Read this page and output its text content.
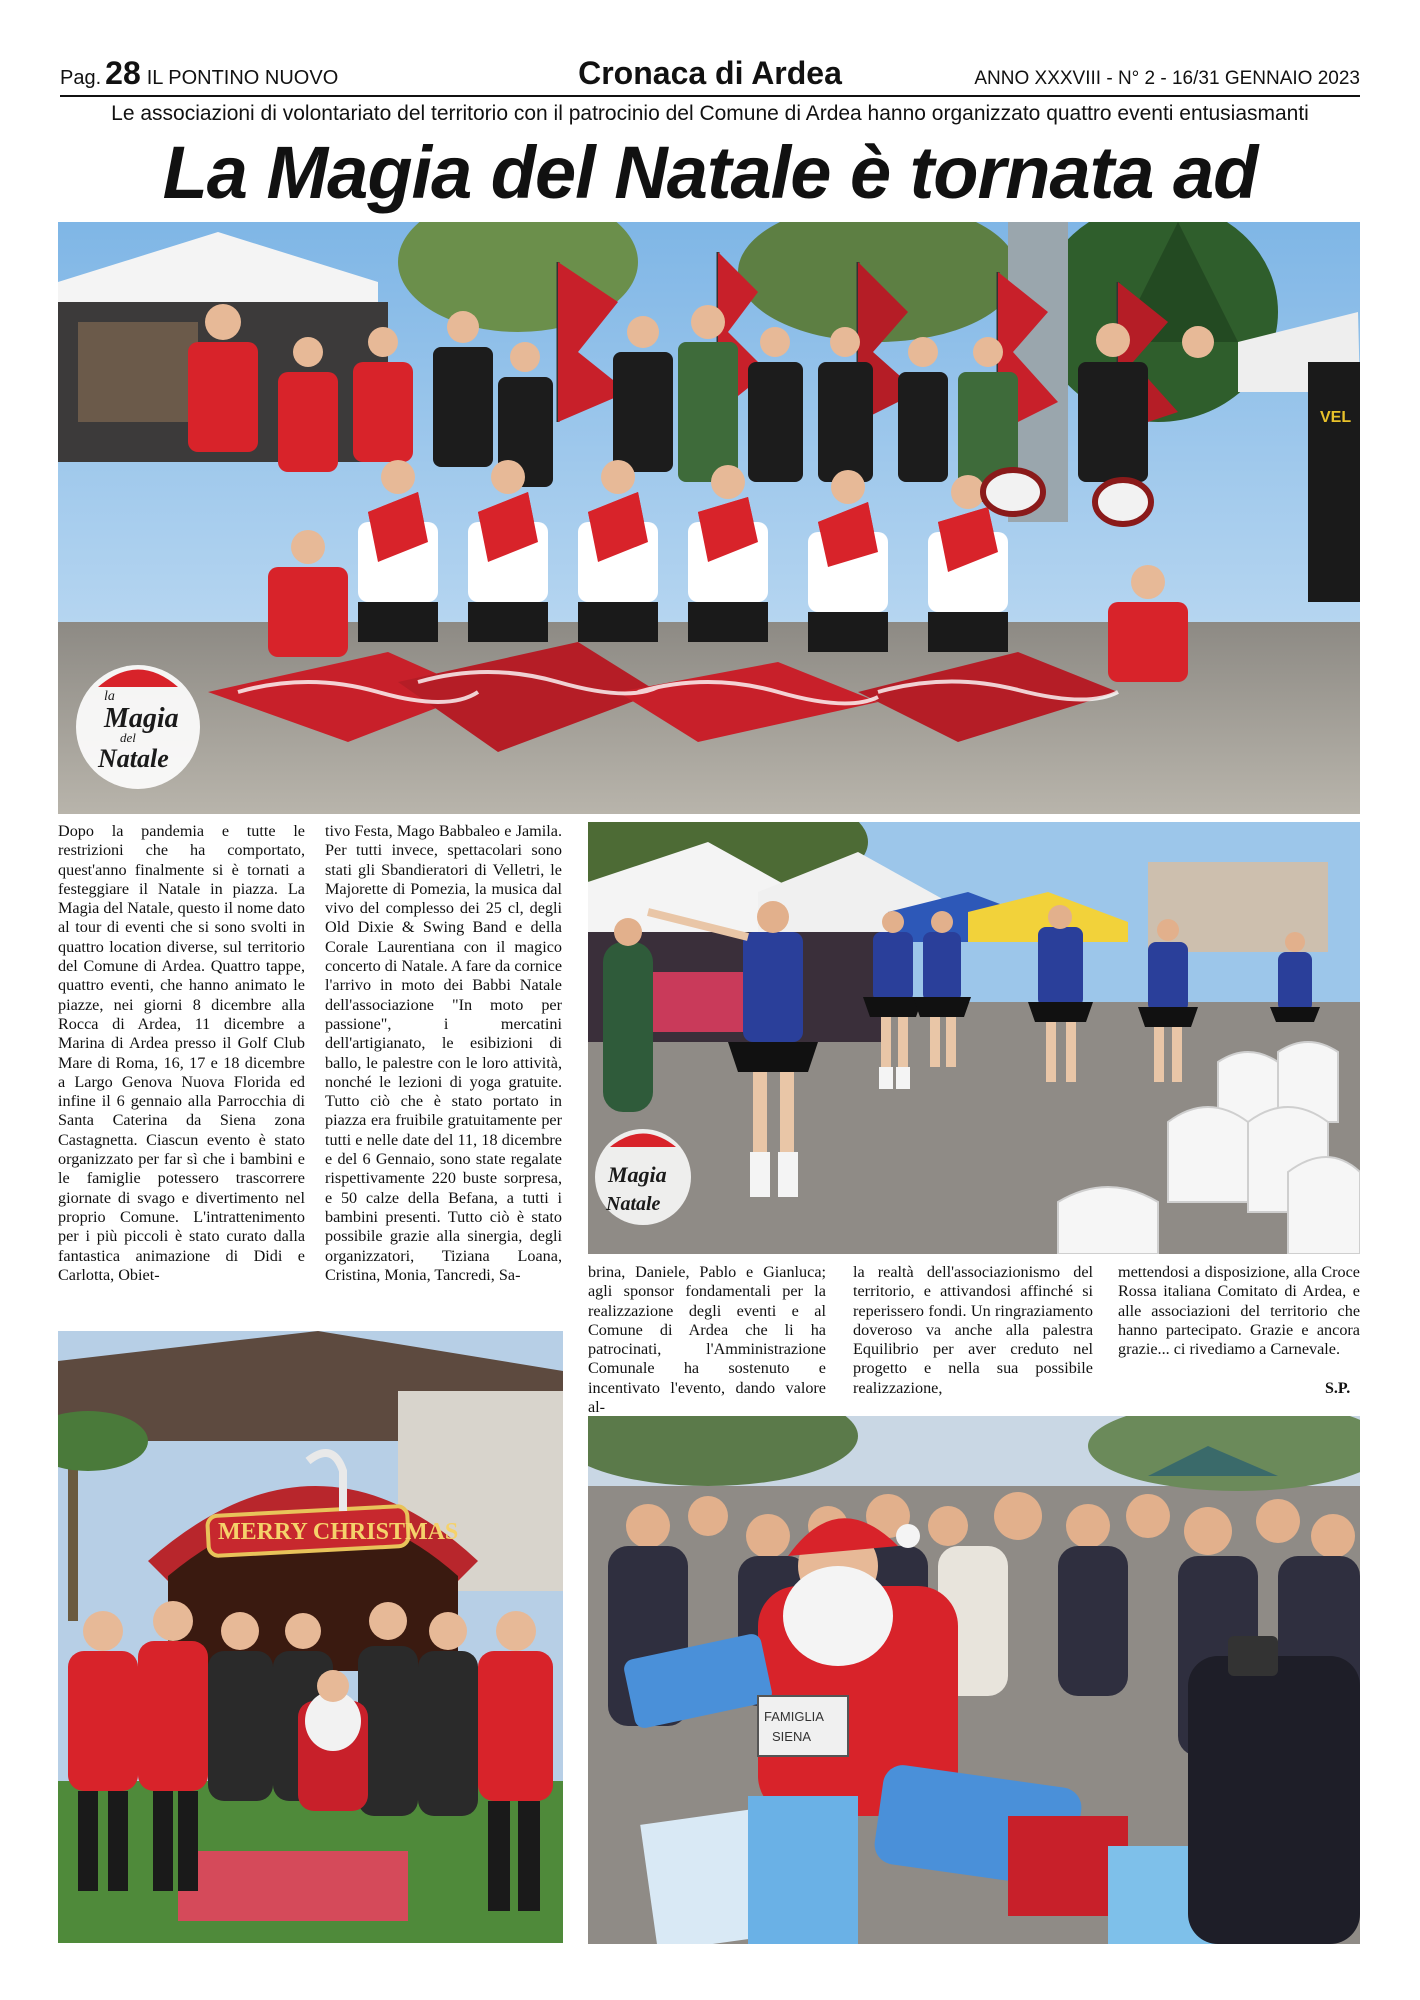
Pag. 28 IL PONTINO NUOVO	Cronaca di Ardea	ANNO XXXVIII - N° 2 - 16/31 GENNAIO 2023
Le associazioni di volontariato del territorio con il patrocinio del Comune di Ardea hanno organizzato quattro eventi entusiasmanti
La Magia del Natale è tornata ad
VEL
la
Magia
del
Natale

Dopo la pandemia e tutte le restrizioni che ha comportato, quest'anno finalmente si è tornati a festeggiare il Natale in piazza. La Magia del Natale, questo il nome dato al tour di eventi che si sono svolti in quattro location diverse, sul territorio del Comune di Ardea. Quattro tappe, quattro eventi, che hanno animato le piazze, nei giorni 8 dicembre alla Rocca di Ardea, 11 dicembre a Marina di Ardea presso il Golf Club Mare di Roma, 16, 17 e 18 dicembre a Largo Genova Nuova Florida ed infine il 6 gennaio alla Parrocchia di Santa Caterina da Siena zona Castagnetta. Ciascun evento è stato organizzato per far sì che i bambini e le famiglie potessero trascorrere giornate di svago e divertimento nel proprio Comune. L'intrattenimento per i più piccoli è stato curato dalla fantastica animazione di Didi e Carlotta, Obiet-

tivo Festa, Mago Babbaleo e Jamila. Per tutti invece, spettacolari sono stati gli Sbandieratori di Velletri, le Majorette di Pomezia, la musica dal vivo del complesso dei 25 cl, degli Old Dixie & Swing Band e della Corale Laurentiana con il magico concerto di Natale. A fare da cornice l'arrivo in moto dei Babbi Natale dell'associazione "In moto per passione", i mercatini dell'artigianato, le esibizioni di ballo, le palestre con le loro attività, nonché le lezioni di yoga gratuite. Tutto ciò che è stato portato in piazza era fruibile gratuitamente per tutti e nelle date del 11, 18 dicembre e del 6 Gennaio, sono state regalate rispettivamente 220 buste sorpresa, e 50 calze della Befana, a tutti i bambini presenti. Tutto ciò è stato possibile grazie alla sinergia, degli organizzatori, Tiziana Loana, Cristina, Monia, Tancredi, Sa-

Magia
Natale

brina, Daniele, Pablo e Gianluca; agli sponsor fondamentali per la realizzazione degli eventi e al Comune di Ardea che li ha patrocinati, l'Amministrazione Comunale ha sostenuto e incentivato l'evento, dando valore al-

la realtà dell'associazionismo del territorio, e attivandosi affinché si reperissero fondi. Un ringraziamento doveroso va anche alla palestra Equilibrio per aver creduto nel progetto e nella sua possibile realizzazione,

mettendosi a disposizione, alla Croce Rossa italiana Comitato di Ardea, e alle associazioni del territorio che hanno partecipato. Grazie e ancora grazie... ci rivediamo a Carnevale.

S.P.
MERRY CHRISTMAS
FAMIGLIA
SIENA
